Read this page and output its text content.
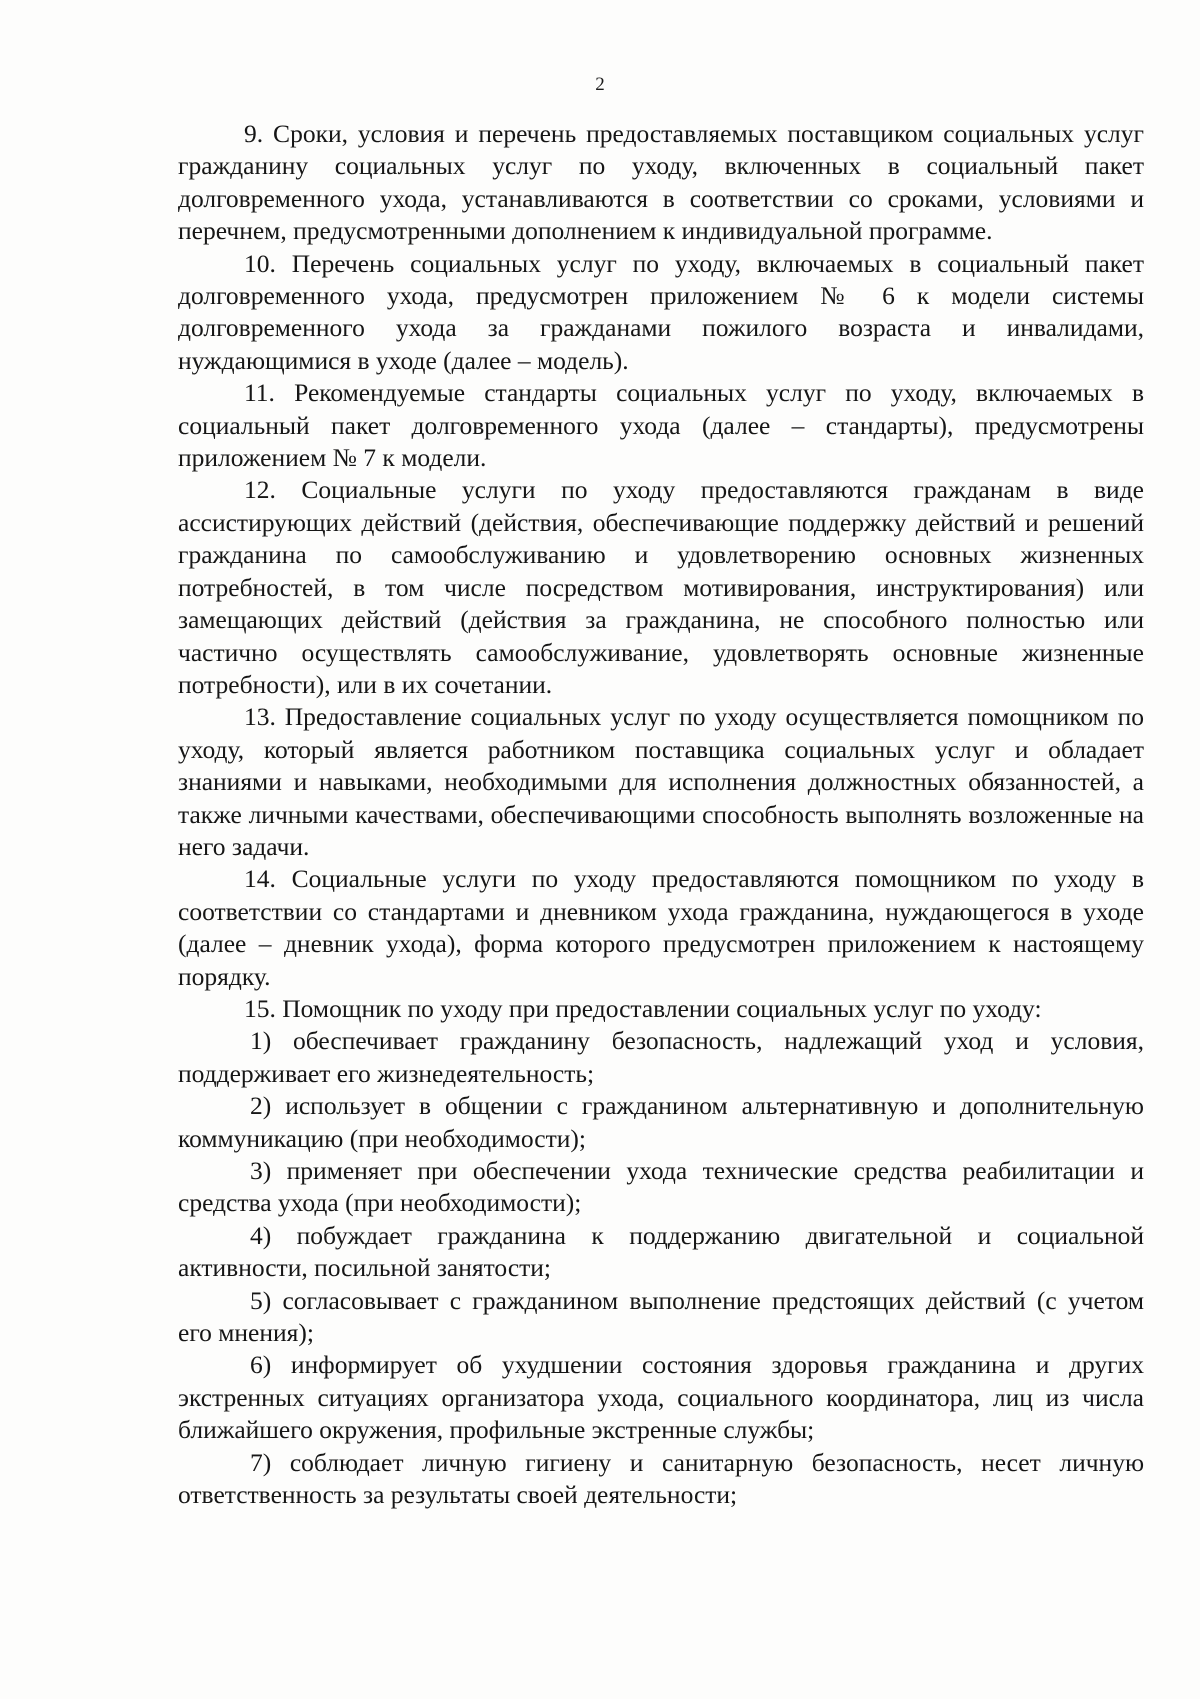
2

9. Сроки, условия и перечень предоставляемых поставщиком социальных услуг гражданину социальных услуг по уходу, включенных в социальный пакет долговременного ухода, устанавливаются в соответствии со сроками, условиями и перечнем, предусмотренными дополнением к индивидуальной программе.

10. Перечень социальных услуг по уходу, включаемых в социальный пакет долговременного ухода, предусмотрен приложением № 6 к модели системы долговременного ухода за гражданами пожилого возраста и инвалидами, нуждающимися в уходе (далее – модель).

11. Рекомендуемые стандарты социальных услуг по уходу, включаемых в социальный пакет долговременного ухода (далее – стандарты), предусмотрены приложением № 7 к модели.

12. Социальные услуги по уходу предоставляются гражданам в виде ассистирующих действий (действия, обеспечивающие поддержку действий и решений гражданина по самообслуживанию и удовлетворению основных жизненных потребностей, в том числе посредством мотивирования, инструктирования) или замещающих действий (действия за гражданина, не способного полностью или частично осуществлять самообслуживание, удовлетворять основные жизненные потребности), или в их сочетании.

13. Предоставление социальных услуг по уходу осуществляется помощником по уходу, который является работником поставщика социальных услуг и обладает знаниями и навыками, необходимыми для исполнения должностных обязанностей, а также личными качествами, обеспечивающими способность выполнять возложенные на него задачи.

14. Социальные услуги по уходу предоставляются помощником по уходу в соответствии со стандартами и дневником ухода гражданина, нуждающегося в уходе (далее – дневник ухода), форма которого предусмотрен приложением к настоящему порядку.

15. Помощник по уходу при предоставлении социальных услуг по уходу:

1) обеспечивает гражданину безопасность, надлежащий уход и условия, поддерживает его жизнедеятельность;

2) использует в общении с гражданином альтернативную и дополнительную коммуникацию (при необходимости);

3) применяет при обеспечении ухода технические средства реабилитации и средства ухода (при необходимости);

4) побуждает гражданина к поддержанию двигательной и социальной активности, посильной занятости;

5) согласовывает с гражданином выполнение предстоящих действий (с учетом его мнения);

6) информирует об ухудшении состояния здоровья гражданина и других экстренных ситуациях организатора ухода, социального координатора, лиц из числа ближайшего окружения, профильные экстренные службы;

7) соблюдает личную гигиену и санитарную безопасность, несет личную ответственность за результаты своей деятельности;
